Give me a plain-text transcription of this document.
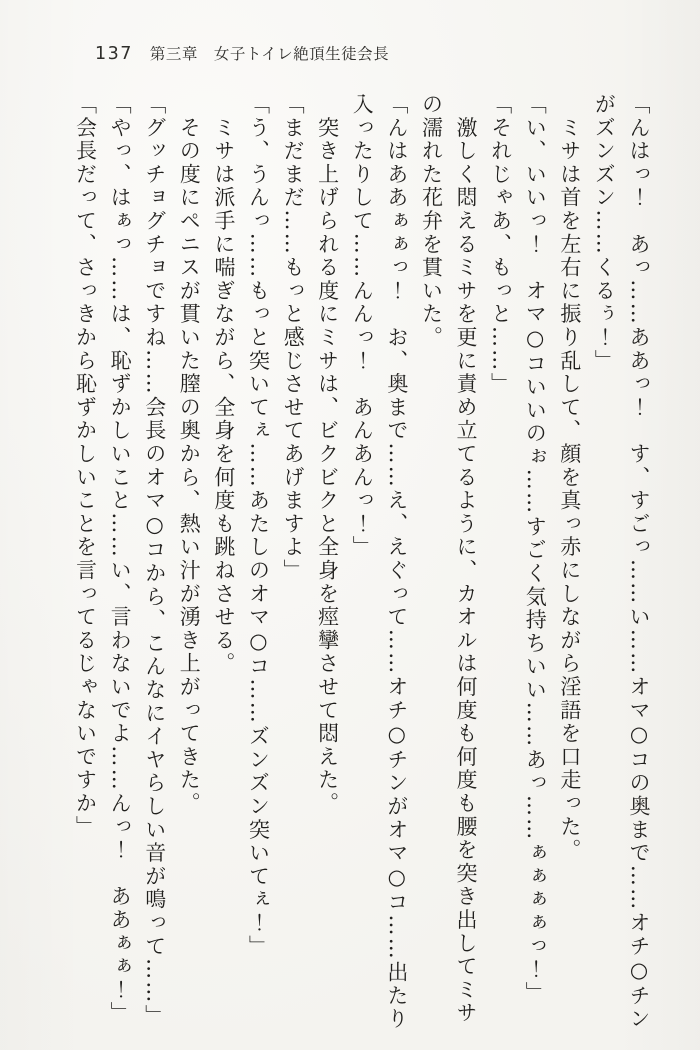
137 第三章　女子トイレ絶頂生徒会長

「んはっ！　あっ……ああっ！　す、すごっ……い……オマ○コの奥まで……オチ○チンがズンズン……くるぅ！」

　ミサは首を左右に振り乱して、顔を真っ赤にしながら淫語を口走った。

「い、いいっ！　オマ○コいいのぉ……すごく気持ちいい……あっ……ぁぁぁぁっ！」

「それじゃあ、もっと……」

　激しく悶えるミサを更に責め立てるように、カオルは何度も何度も腰を突き出してミサの濡れた花弁を貫いた。

「んはああぁぁっ！　お、奥まで……え、えぐって……オチ○チンがオマ○コ……出たり入ったりして……んんっ！　あんあんっ！」

　突き上げられる度にミサは、ビクビクと全身を痙攣させて悶えた。

「まだまだ……もっと感じさせてあげますよ」

「う、うんっ……もっと突いてぇ……あたしのオマ○コ……ズンズン突いてぇ！」

　ミサは派手に喘ぎながら、全身を何度も跳ねさせる。

　その度にペニスが貫いた膣の奥から、熱い汁が湧き上がってきた。

「グッチョグチョですね……会長のオマ○コから、こんなにイヤらしい音が鳴って……」

「やっ、はぁっ……は、恥ずかしいこと……い、言わないでよ……んっ！　ああぁぁ！」

「会長だって、さっきから恥ずかしいことを言ってるじゃないですか」
